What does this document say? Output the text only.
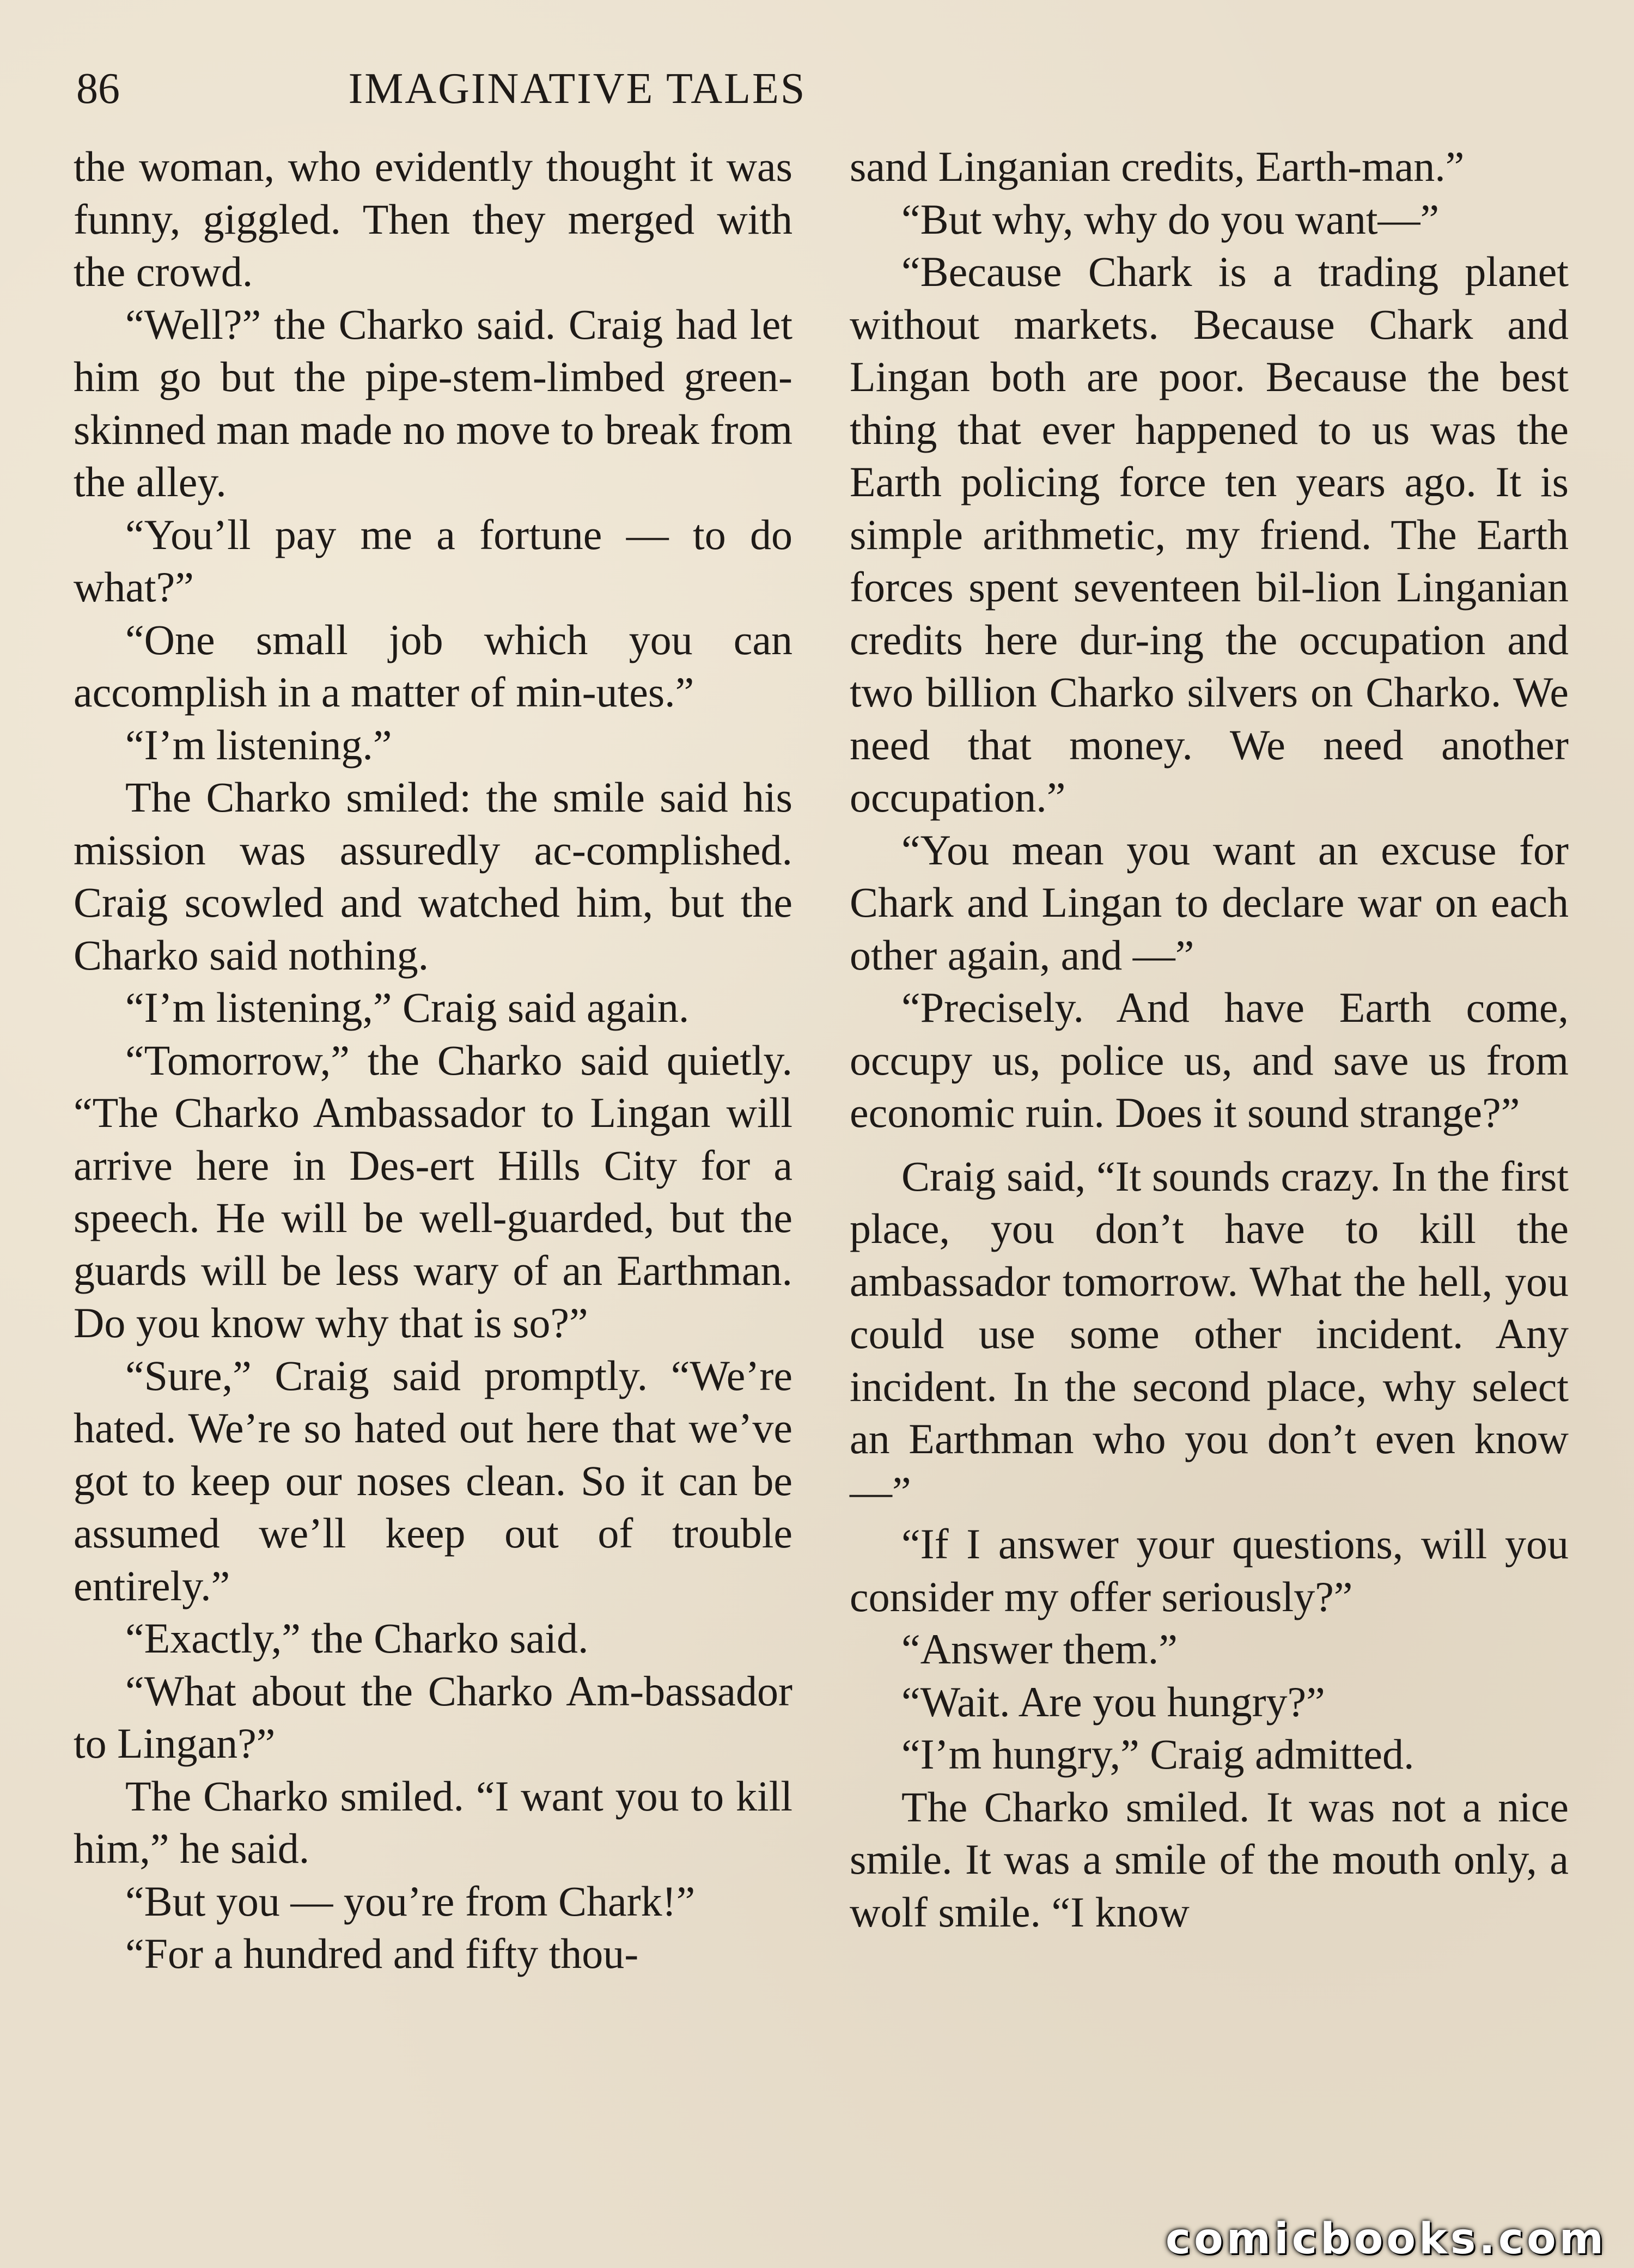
86	IMAGINATIVE TALES

the woman, who evidently thought it was funny, giggled. Then they merged with the crowd.

“Well?” the Charko said. Craig had let him go but the pipe-stem-limbed green-skinned man made no move to break from the alley.

“You’ll pay me a fortune — to do what?”

“One small job which you can accomplish in a matter of min-utes.”

“I’m listening.”

The Charko smiled: the smile said his mission was assuredly ac-complished. Craig scowled and watched him, but the Charko said nothing.

“I’m listening,” Craig said again.

“Tomorrow,” the Charko said quietly. “The Charko Ambassador to Lingan will arrive here in Des-ert Hills City for a speech. He will be well-guarded, but the guards will be less wary of an Earthman. Do you know why that is so?”

“Sure,” Craig said promptly. “We’re hated. We’re so hated out here that we’ve got to keep our noses clean. So it can be assumed we’ll keep out of trouble entirely.”

“Exactly,” the Charko said.

“What about the Charko Am-bassador to Lingan?”

The Charko smiled. “I want you to kill him,” he said.

“But you — you’re from Chark!”

“For a hundred and fifty thou-

sand Linganian credits, Earth-man.”

“But why, why do you want—”

“Because Chark is a trading planet without markets. Because Chark and Lingan both are poor. Because the best thing that ever happened to us was the Earth policing force ten years ago. It is simple arithmetic, my friend. The Earth forces spent seventeen bil-lion Linganian credits here dur-ing the occupation and two billion Charko silvers on Charko. We need that money. We need another occupation.”

“You mean you want an excuse for Chark and Lingan to declare war on each other again, and —”

“Precisely. And have Earth come, occupy us, police us, and save us from economic ruin. Does it sound strange?”

Craig said, “It sounds crazy. In the first place, you don’t have to kill the ambassador tomorrow. What the hell, you could use some other incident. Any incident. In the second place, why select an Earthman who you don’t even know —”

“If I answer your questions, will you consider my offer seriously?”

“Answer them.”

“Wait. Are you hungry?”

“I’m hungry,” Craig admitted.

The Charko smiled. It was not a nice smile. It was a smile of the mouth only, a wolf smile. “I know

comicbooks.com
